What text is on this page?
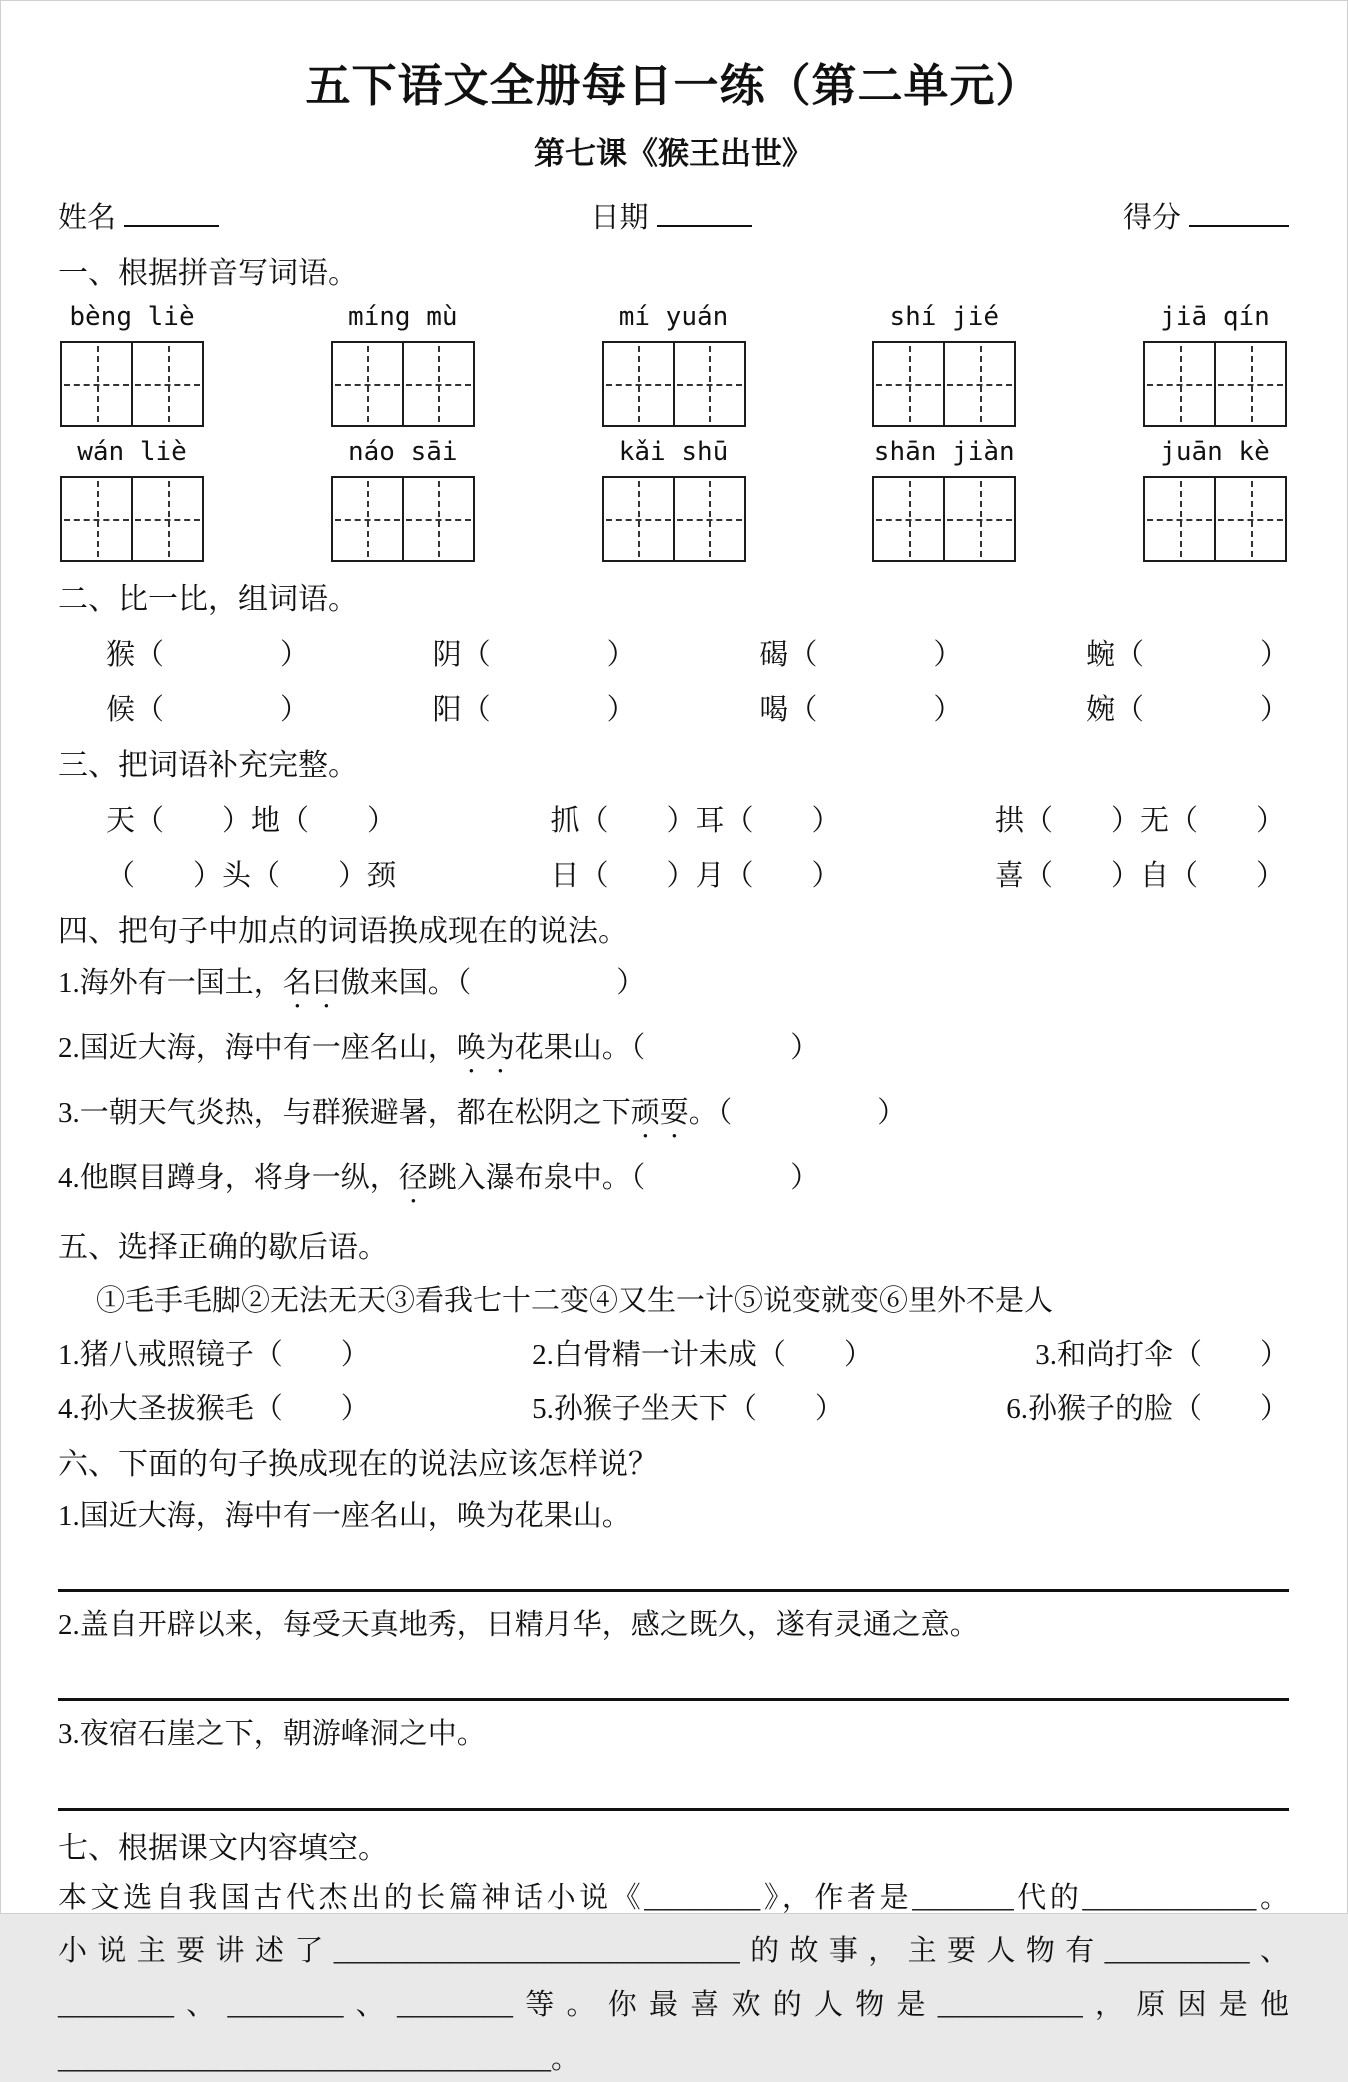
五下语文全册每日一练（第二单元）
第七课《猴王出世》
姓名	日期	得分
一、根据拼音写词语。
bèng liè	míng mù	mí yuán	shí jié	jiā qín
wán liè	náo sāi	kǎi shū	shān jiàn	juān kè
二、比一比，组词语。
猴（　　　　）	阴（　　　　）	碣（　　　　）	蜿（　　　　）
候（　　　　）	阳（　　　　）	喝（　　　　）	婉（　　　　）
三、把词语补充完整。
天（　　）地（　　）	抓（　　）耳（　　）	拱（　　）无（　　）
（　　）头（　　）颈	日（　　）月（　　）	喜（　　）自（　　）
四、把句子中加点的词语换成现在的说法。
1.海外有一国土，名曰傲来国。（　　　　　）
2.国近大海，海中有一座名山，唤为花果山。（　　　　　）
3.一朝天气炎热，与群猴避暑，都在松阴之下顽耍。（　　　　　）
4.他瞑目蹲身，将身一纵，径跳入瀑布泉中。（　　　　　）
五、选择正确的歇后语。
①毛手毛脚②无法无天③看我七十二变④又生一计⑤说变就变⑥里外不是人
1.猪八戒照镜子（　　）	2.白骨精一计未成（　　）	3.和尚打伞（　　）
4.孙大圣拔猴毛（　　）	5.孙猴子坐天下（　　）	6.孙猴子的脸（　　）
六、下面的句子换成现在的说法应该怎样说？
1.国近大海，海中有一座名山，唤为花果山。
2.盖自开辟以来，每受天真地秀，日精月华，感之既久，遂有灵通之意。
3.夜宿石崖之下，朝游峰洞之中。
七、根据课文内容填空。
本文选自我国古代杰出的长篇神话小说《________》，作者是_______代的____________。
小说主要讲述了____________________________的故事，主要人物有__________、
________、________、________等。你最喜欢的人物是__________，原因是他
__________________________________。
